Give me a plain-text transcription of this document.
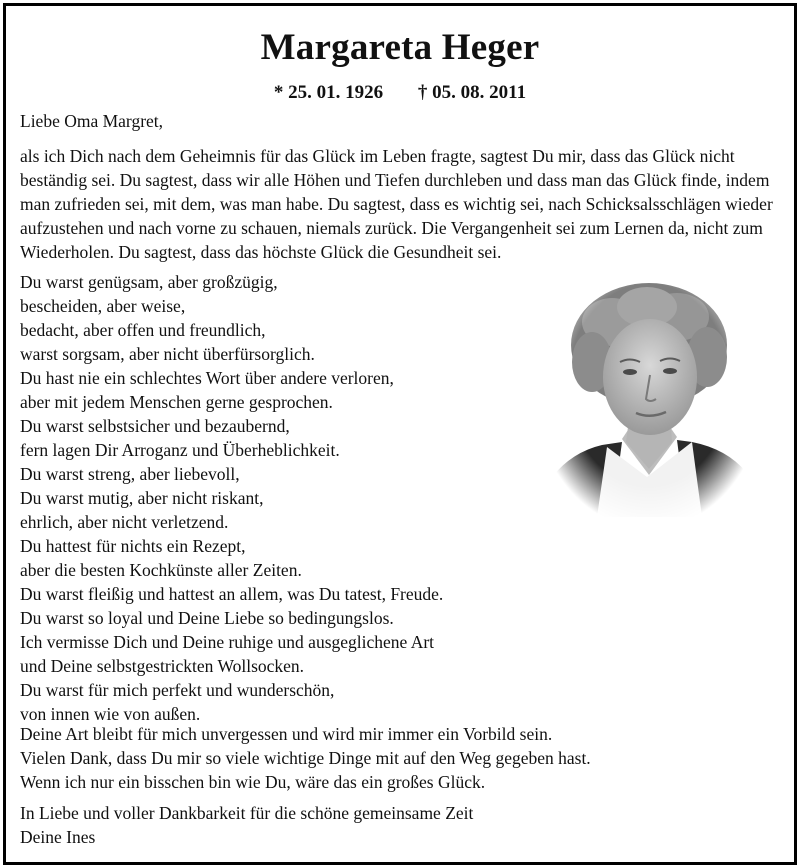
Margareta Heger
* 25. 01. 1926 † 05. 08. 2011
Liebe Oma Margret,
als ich Dich nach dem Geheimnis für das Glück im Leben fragte, sagtest Du mir, dass das Glück nicht
beständig sei. Du sagtest, dass wir alle Höhen und Tiefen durchleben und dass man das Glück finde, indem
man zufrieden sei, mit dem, was man habe. Du sagtest, dass es wichtig sei, nach Schicksalsschlägen wieder
aufzustehen und nach vorne zu schauen, niemals zurück. Die Vergangenheit sei zum Lernen da, nicht zum
Wiederholen. Du sagtest, dass das höchste Glück die Gesundheit sei.
Du warst genügsam, aber großzügig,
bescheiden, aber weise,
bedacht, aber offen und freundlich,
warst sorgsam, aber nicht überfürsorglich.
Du hast nie ein schlechtes Wort über andere verloren,
aber mit jedem Menschen gerne gesprochen.
Du warst selbstsicher und bezaubernd,
fern lagen Dir Arroganz und Überheblichkeit.
Du warst streng, aber liebevoll,
Du warst mutig, aber nicht riskant,
ehrlich, aber nicht verletzend.
Du hattest für nichts ein Rezept,
aber die besten Kochkünste aller Zeiten.
Du warst fleißig und hattest an allem, was Du tatest, Freude.
Du warst so loyal und Deine Liebe so bedingungslos.
Ich vermisse Dich und Deine ruhige und ausgeglichene Art
und Deine selbstgestrickten Wollsocken.
Du warst für mich perfekt und wunderschön,
von innen wie von außen.
Deine Art bleibt für mich unvergessen und wird mir immer ein Vorbild sein.
Vielen Dank, dass Du mir so viele wichtige Dinge mit auf den Weg gegeben hast.
Wenn ich nur ein bisschen bin wie Du, wäre das ein großes Glück.
In Liebe und voller Dankbarkeit für die schöne gemeinsame Zeit
Deine Ines
